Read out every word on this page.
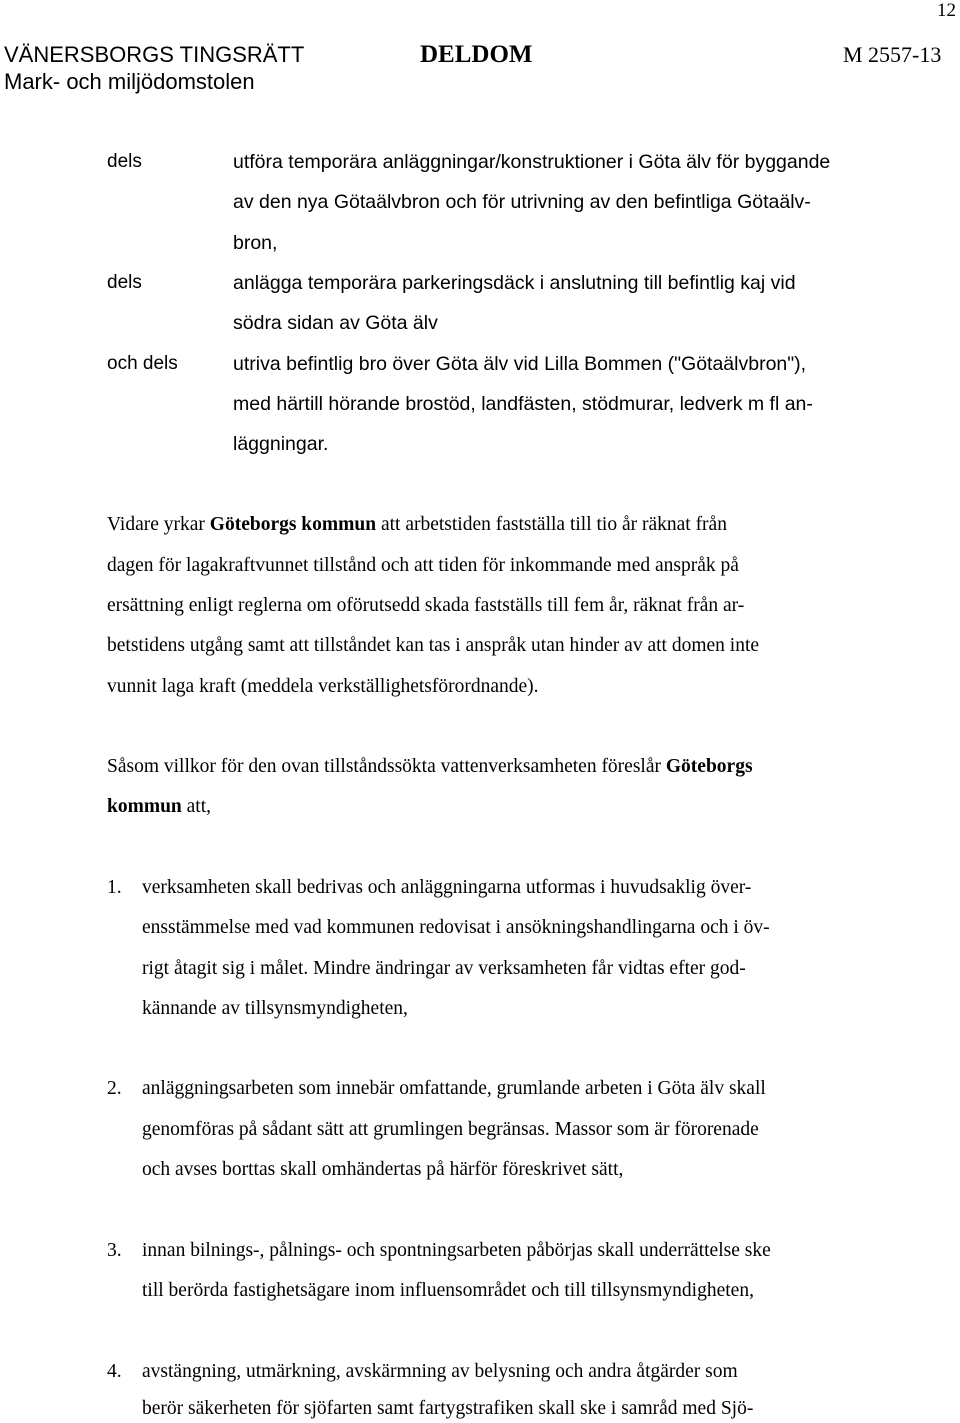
12
VÄNERSBORGS TINGSRÄTT
Mark- och miljödomstolen
DELDOM	M 2557-13
dels	utföra temporära anläggningar/konstruktioner i Göta älv för byggande
av den nya Götaälvbron och för utrivning av den befintliga Götaälv-
bron,
dels	anlägga temporära parkeringsdäck i anslutning till befintlig kaj vid
södra sidan av Göta älv
och dels	utriva befintlig bro över Göta älv vid Lilla Bommen ("Götaälvbron"),
med härtill hörande brostöd, landfästen, stödmurar, ledverk m fl an-
läggningar.
Vidare yrkar Göteborgs kommun att arbetstiden fastställa till tio år räknat från
dagen för lagakraftvunnet tillstånd och att tiden för inkommande med anspråk på
ersättning enligt reglerna om oförutsedd skada fastställs till fem år, räknat från ar-
betstidens utgång samt att tillståndet kan tas i anspråk utan hinder av att domen inte
vunnit laga kraft (meddela verkställighetsförordnande).
Såsom villkor för den ovan tillståndssökta vattenverksamheten föreslår Göteborgs
kommun att,
1. verksamheten skall bedrivas och anläggningarna utformas i huvudsaklig över-
ensstämmelse med vad kommunen redovisat i ansökningshandlingarna och i öv-
rigt åtagit sig i målet. Mindre ändringar av verksamheten får vidtas efter god-
kännande av tillsynsmyndigheten,
2. anläggningsarbeten som innebär omfattande, grumlande arbeten i Göta älv skall
genomföras på sådant sätt att grumlingen begränsas. Massor som är förorenade
och avses borttas skall omhändertas på härför föreskrivet sätt,
3. innan bilnings-, pålnings- och spontningsarbeten påbörjas skall underrättelse ske
till berörda fastighetsägare inom influensområdet och till tillsynsmyndigheten,
4. avstängning, utmärkning, avskärmning av belysning och andra åtgärder som
berör säkerheten för sjöfarten samt fartygstrafiken skall ske i samråd med Sjö-
